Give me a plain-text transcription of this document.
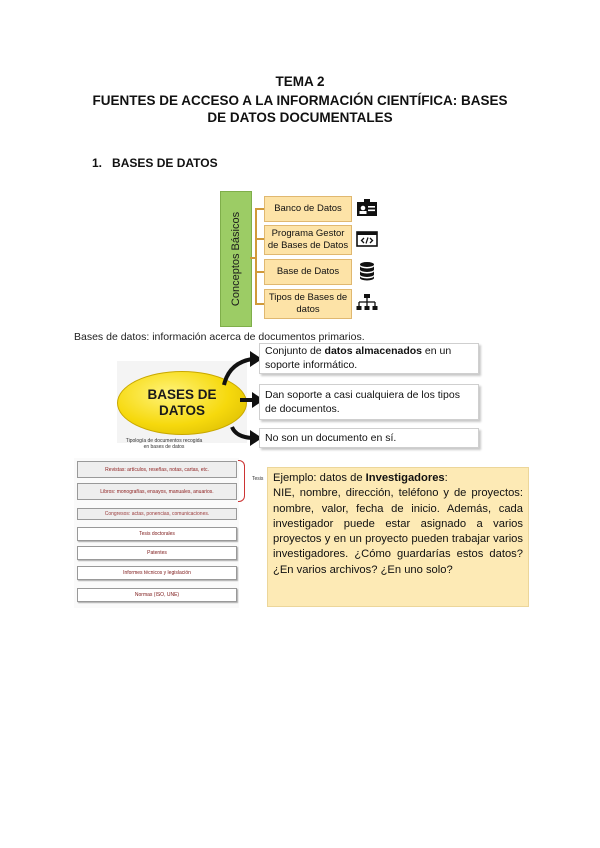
TEMA 2
FUENTES DE ACCESO A LA INFORMACIÓN CIENTÍFICA: BASES
DE DATOS DOCUMENTALES
1. BASES DE DATOS
Conceptos Básicos
Banco de Datos
Programa Gestor
de Bases de Datos
Base de Datos
Tipos de Bases de
datos
Bases de datos: información acerca de documentos primarios.
BASES DE
DATOS
Conjunto de datos almacenados en un soporte informático.
Dan soporte a casi cualquiera de los tipos de documentos.
No son un documento en sí.
Tipología de documentos recogida
en bases de datos
Revistas: artículos, reseñas, notas, cartas, etc.
Libros: monografías, ensayos, manuales, anuarios.
Congresos: actas, ponencias, comunicaciones.
Tesis doctorales
Patentes
Informes técnicos y legislación
Normas (ISO, UNE)
Tesis Ejemplo: datos de Investigadores:
NIE, nombre, dirección, teléfono y de proyectos: nombre, valor, fecha de inicio. Además, cada investigador puede estar asignado a varios proyectos y en un proyecto pueden trabajar varios investigadores. ¿Cómo guardarías estos datos? ¿En varios archivos? ¿En uno solo?
